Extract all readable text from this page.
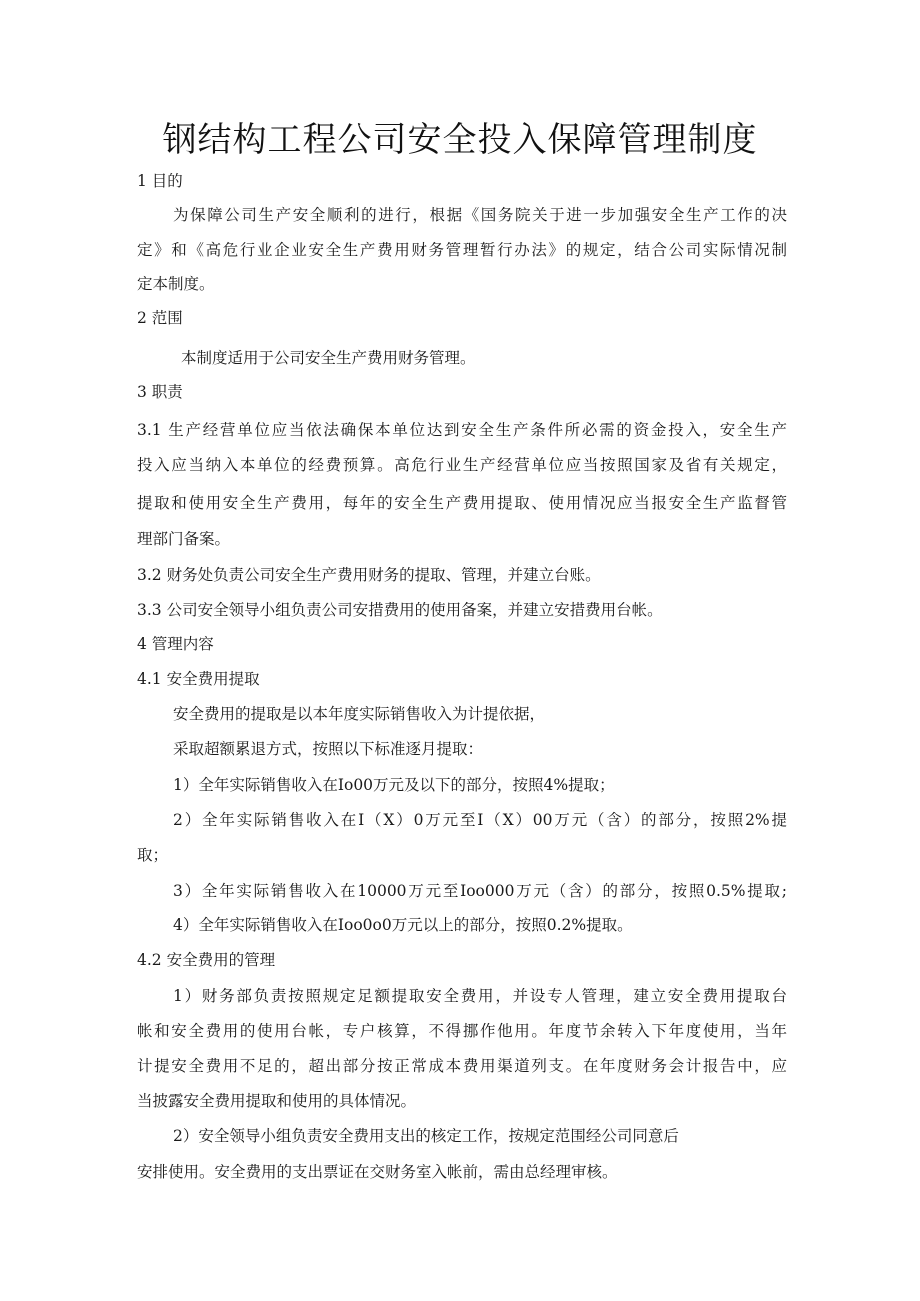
钢结构工程公司安全投入保障管理制度
1 目的
为保障公司生产安全顺利的进行，根据《国务院关于进一步加强安全生产工作的决
定》和《高危行业企业安全生产费用财务管理暂行办法》的规定，结合公司实际情况制
定本制度。
2 范围
本制度适用于公司安全生产费用财务管理。
3 职责
3.1 生产经营单位应当依法确保本单位达到安全生产条件所必需的资金投入，安全生产
投入应当纳入本单位的经费预算。高危行业生产经营单位应当按照国家及省有关规定，
提取和使用安全生产费用，每年的安全生产费用提取、使用情况应当报安全生产监督管
理部门备案。
3.2 财务处负责公司安全生产费用财务的提取、管理，并建立台账。
3.3 公司安全领导小组负责公司安措费用的使用备案，并建立安措费用台帐。
4 管理内容
4.1 安全费用提取
安全费用的提取是以本年度实际销售收入为计提依据，
采取超额累退方式，按照以下标准逐月提取：
1）全年实际销售收入在Io00万元及以下的部分，按照4%提取；
2）全年实际销售收入在I（X）0万元至I（X）00万元（含）的部分，按照2%提
取；
3）全年实际销售收入在10000万元至Ioo000万元（含）的部分，按照0.5%提取;
4）全年实际销售收入在Ioo0o0万元以上的部分，按照0.2%提取。
4.2 安全费用的管理
1）财务部负责按照规定足额提取安全费用，并设专人管理，建立安全费用提取台
帐和安全费用的使用台帐，专户核算，不得挪作他用。年度节余转入下年度使用，当年
计提安全费用不足的，超出部分按正常成本费用渠道列支。在年度财务会计报告中，应
当披露安全费用提取和使用的具体情况。
2）安全领导小组负责安全费用支出的核定工作，按规定范围经公司同意后
安排使用。安全费用的支出票证在交财务室入帐前，需由总经理审核。
